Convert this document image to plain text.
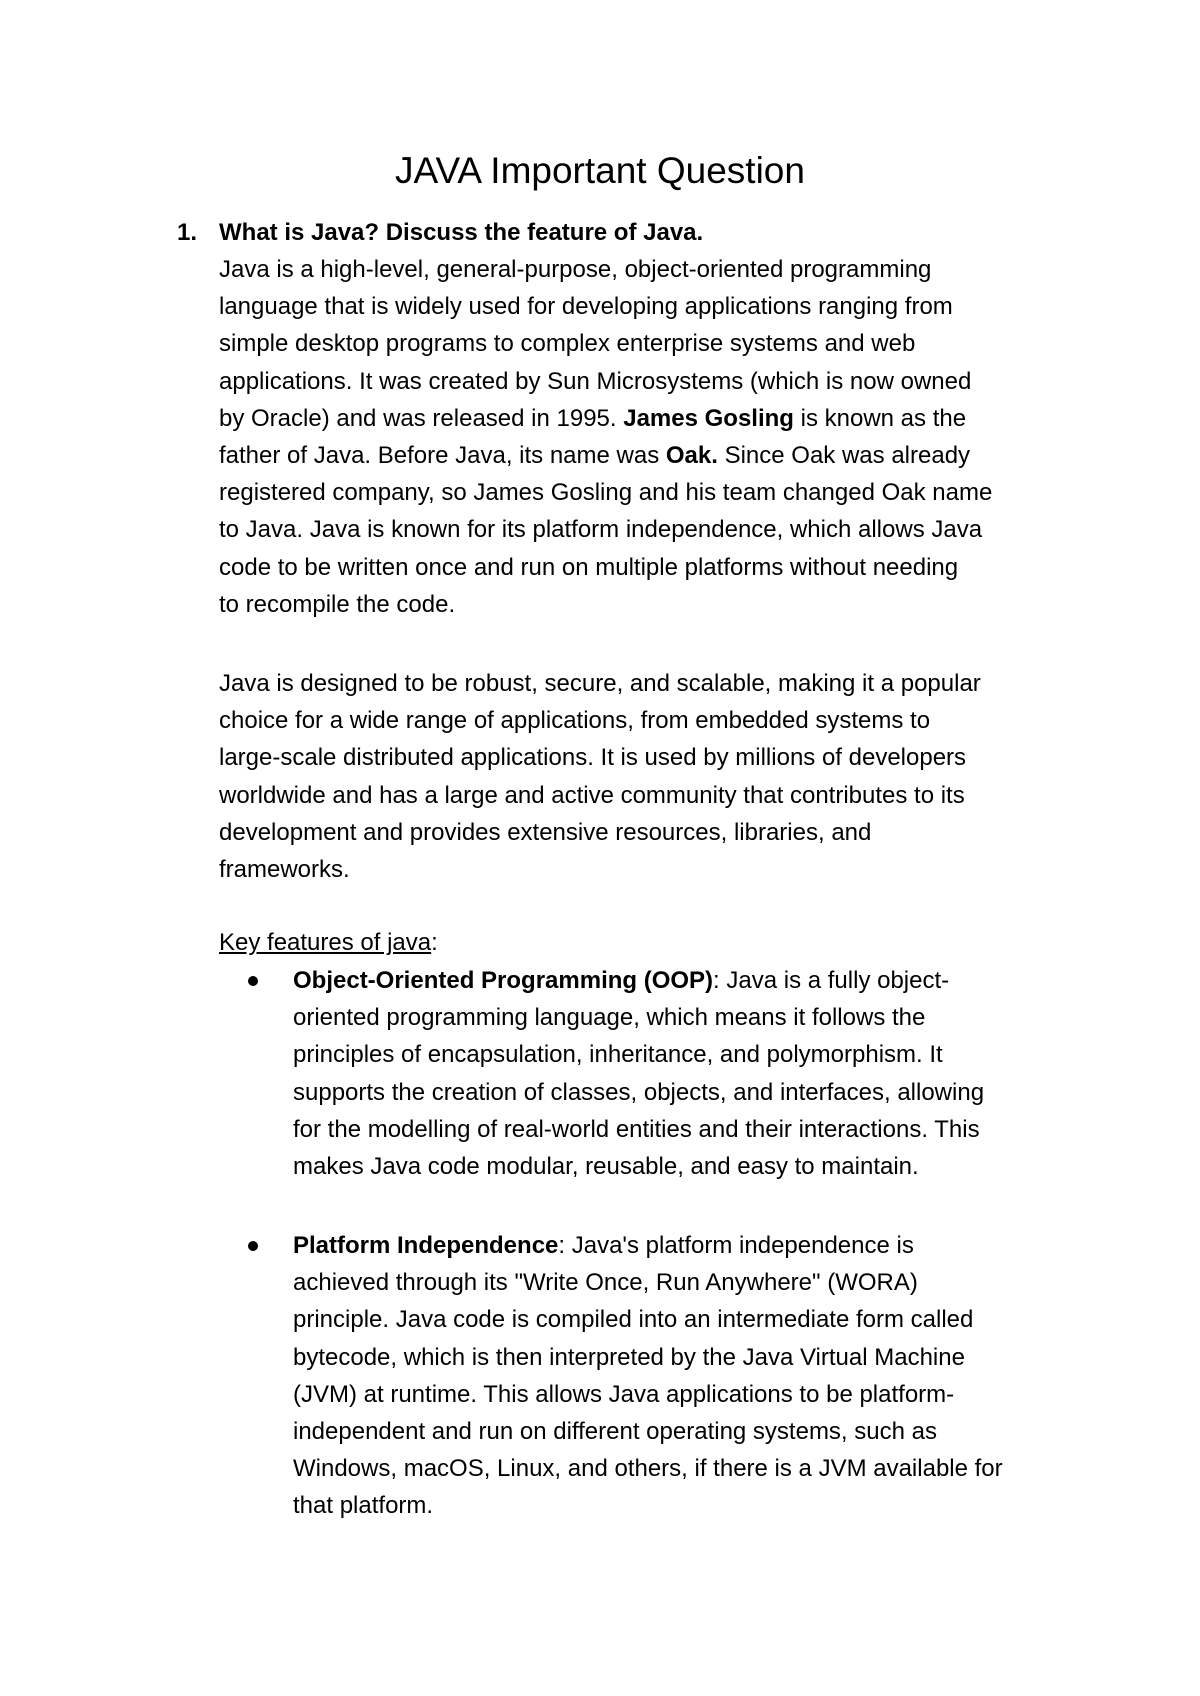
JAVA Important Question
1. What is Java? Discuss the feature of Java.
Java is a high-level, general-purpose, object-oriented programming
language that is widely used for developing applications ranging from
simple desktop programs to complex enterprise systems and web
applications. It was created by Sun Microsystems (which is now owned
by Oracle) and was released in 1995. James Gosling is known as the
father of Java. Before Java, its name was Oak. Since Oak was already
registered company, so James Gosling and his team changed Oak name
to Java. Java is known for its platform independence, which allows Java
code to be written once and run on multiple platforms without needing
to recompile the code.
Java is designed to be robust, secure, and scalable, making it a popular
choice for a wide range of applications, from embedded systems to
large-scale distributed applications. It is used by millions of developers
worldwide and has a large and active community that contributes to its
development and provides extensive resources, libraries, and
frameworks.
Key features of java:
Object-Oriented Programming (OOP): Java is a fully object-
oriented programming language, which means it follows the
principles of encapsulation, inheritance, and polymorphism. It
supports the creation of classes, objects, and interfaces, allowing
for the modelling of real-world entities and their interactions. This
makes Java code modular, reusable, and easy to maintain.
Platform Independence: Java's platform independence is
achieved through its "Write Once, Run Anywhere" (WORA)
principle. Java code is compiled into an intermediate form called
bytecode, which is then interpreted by the Java Virtual Machine
(JVM) at runtime. This allows Java applications to be platform-
independent and run on different operating systems, such as
Windows, macOS, Linux, and others, if there is a JVM available for
that platform.
